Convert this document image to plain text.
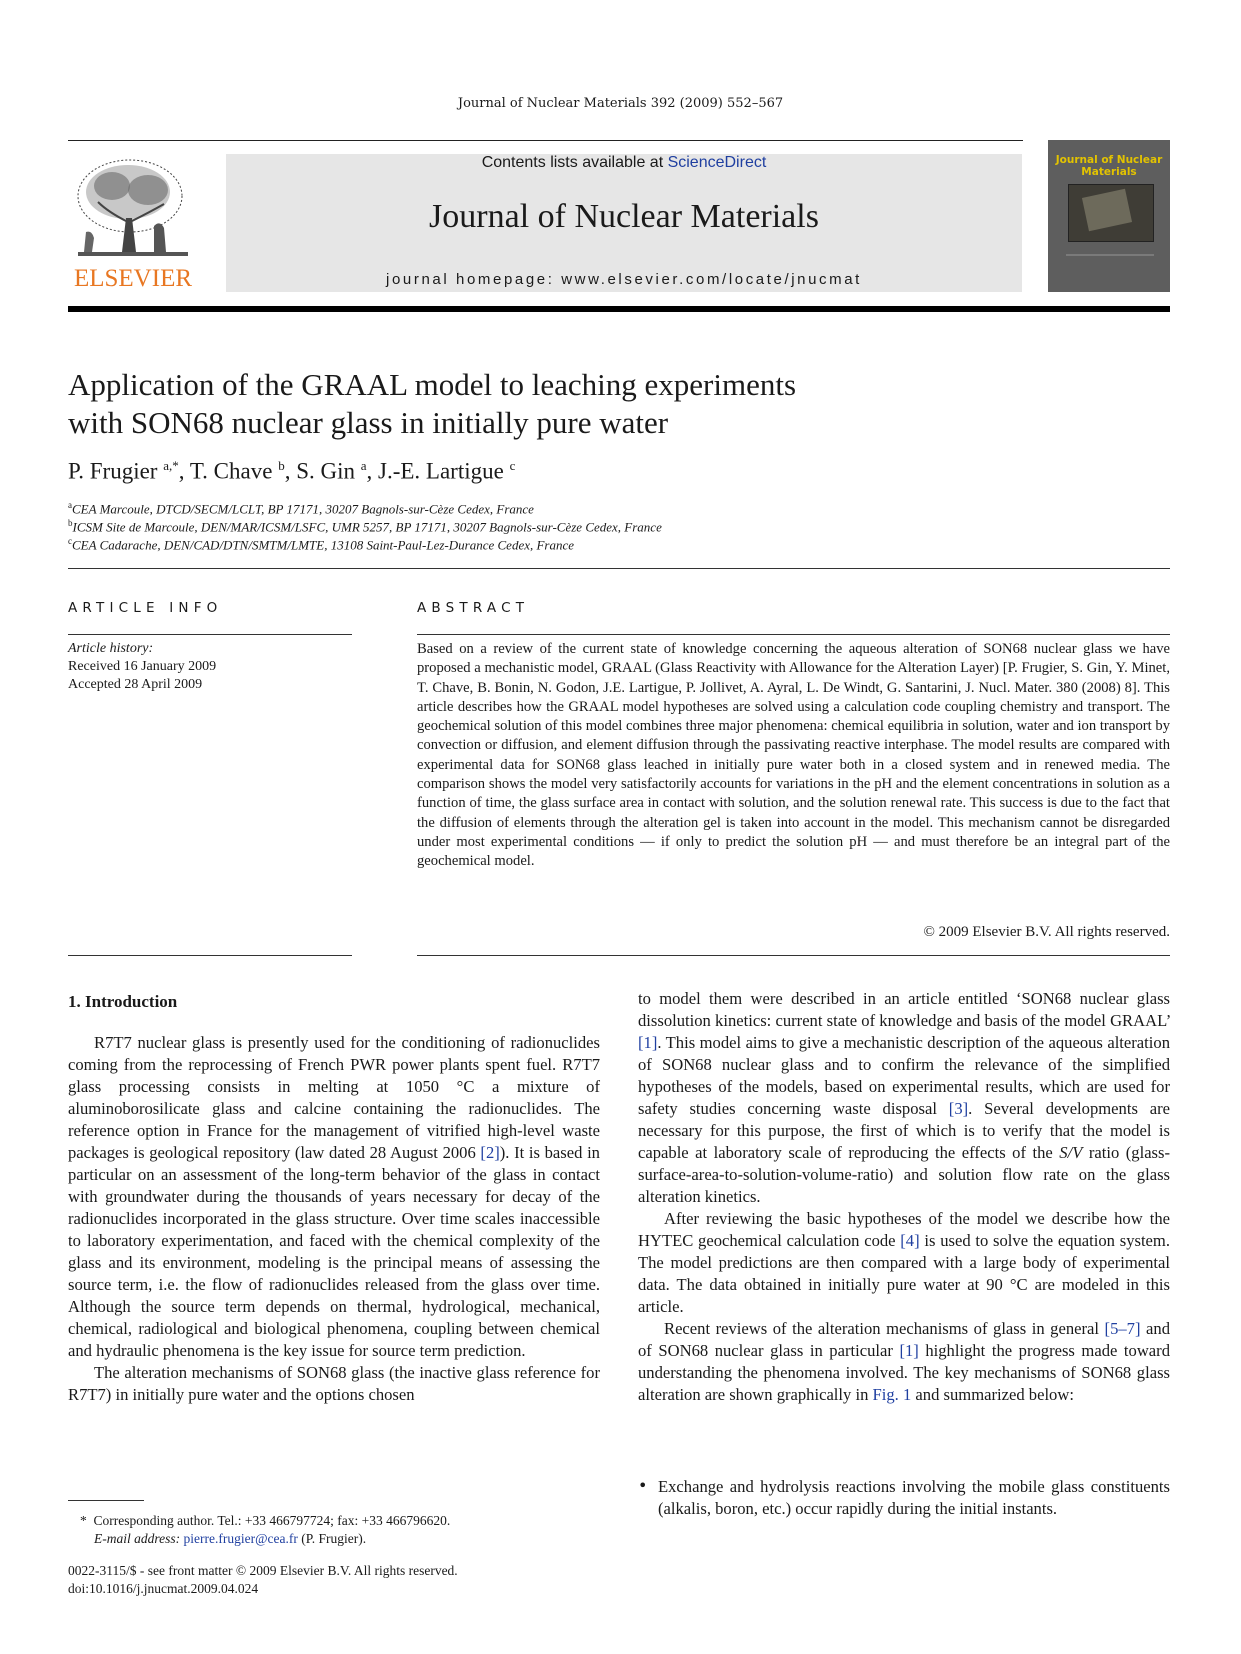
Journal of Nuclear Materials 392 (2009) 552–567
ELSEVIER
Contents lists available at ScienceDirect
Journal of Nuclear Materials
journal homepage: www.elsevier.com/locate/jnucmat
Journal of Nuclear Materials
Application of the GRAAL model to leaching experiments
with SON68 nuclear glass in initially pure water
P. Frugier $^{a,*}$, T. Chave $^b$, S. Gin $^a$, J.-E. Lartigue $^c$
$^a$CEA Marcoule, DTCD/SECM/LCLT, BP 17171, 30207 Bagnols-sur-Cèze Cedex, France
$^b$ICSM Site de Marcoule, DEN/MAR/ICSM/LSFC, UMR 5257, BP 17171, 30207 Bagnols-sur-Cèze Cedex, France
$^c$CEA Cadarache, DEN/CAD/DTN/SMTM/LMTE, 13108 Saint-Paul-Lez-Durance Cedex, France
ARTICLE INFO
Article history:
Received 16 January 2009
Accepted 28 April 2009
ABSTRACT
Based on a review of the current state of knowledge concerning the aqueous alteration of SON68 nuclear glass we have proposed a mechanistic model, GRAAL (Glass Reactivity with Allowance for the Alteration Layer) [P. Frugier, S. Gin, Y. Minet, T. Chave, B. Bonin, N. Godon, J.E. Lartigue, P. Jollivet, A. Ayral, L. De Windt, G. Santarini, J. Nucl. Mater. 380 (2008) 8]. This article describes how the GRAAL model hypotheses are solved using a calculation code coupling chemistry and transport. The geochemical solution of this model combines three major phenomena: chemical equilibria in solution, water and ion transport by convection or diffusion, and element diffusion through the passivating reactive interphase. The model results are compared with experimental data for SON68 glass leached in initially pure water both in a closed system and in renewed media. The comparison shows the model very satisfactorily accounts for variations in the pH and the element concentrations in solution as a function of time, the glass surface area in contact with solution, and the solution renewal rate. This success is due to the fact that the diffusion of elements through the alteration gel is taken into account in the model. This mechanism cannot be disregarded under most experimental conditions — if only to predict the solution pH — and must therefore be an integral part of the geochemical model.
© 2009 Elsevier B.V. All rights reserved.
1. Introduction

R7T7 nuclear glass is presently used for the conditioning of radionuclides coming from the reprocessing of French PWR power plants spent fuel. R7T7 glass processing consists in melting at 1050 °C a mixture of aluminoborosilicate glass and calcine containing the radionuclides. The reference option in France for the management of vitrified high-level waste packages is geological repository (law dated 28 August 2006 [2]). It is based in particular on an assessment of the long-term behavior of the glass in contact with groundwater during the thousands of years necessary for decay of the radionuclides incorporated in the glass structure. Over time scales inaccessible to laboratory experimentation, and faced with the chemical complexity of the glass and its environment, modeling is the principal means of assessing the source term, i.e. the flow of radionuclides released from the glass over time. Although the source term depends on thermal, hydrological, mechanical, chemical, radiological and biological phenomena, coupling between chemical and hydraulic phenomena is the key issue for source term prediction.

The alteration mechanisms of SON68 glass (the inactive glass reference for R7T7) in initially pure water and the options chosen

to model them were described in an article entitled ‘SON68 nuclear glass dissolution kinetics: current state of knowledge and basis of the model GRAAL’ [1]. This model aims to give a mechanistic description of the aqueous alteration of SON68 nuclear glass and to confirm the relevance of the simplified hypotheses of the models, based on experimental results, which are used for safety studies concerning waste disposal [3]. Several developments are necessary for this purpose, the first of which is to verify that the model is capable at laboratory scale of reproducing the effects of the S/V ratio (glass-surface-area-to-solution-volume-ratio) and solution flow rate on the glass alteration kinetics.

After reviewing the basic hypotheses of the model we describe how the HYTEC geochemical calculation code [4] is used to solve the equation system. The model predictions are then compared with a large body of experimental data. The data obtained in initially pure water at 90 °C are modeled in this article.

Recent reviews of the alteration mechanisms of glass in general [5–7] and of SON68 nuclear glass in particular [1] highlight the progress made toward understanding the phenomena involved. The key mechanisms of SON68 glass alteration are shown graphically in Fig. 1 and summarized below:

• Exchange and hydrolysis reactions involving the mobile glass constituents (alkalis, boron, etc.) occur rapidly during the initial instants.
* Corresponding author. Tel.: +33 466797724; fax: +33 466796620.
E-mail address: pierre.frugier@cea.fr (P. Frugier).
0022-3115/$ - see front matter © 2009 Elsevier B.V. All rights reserved.
doi:10.1016/j.jnucmat.2009.04.024
